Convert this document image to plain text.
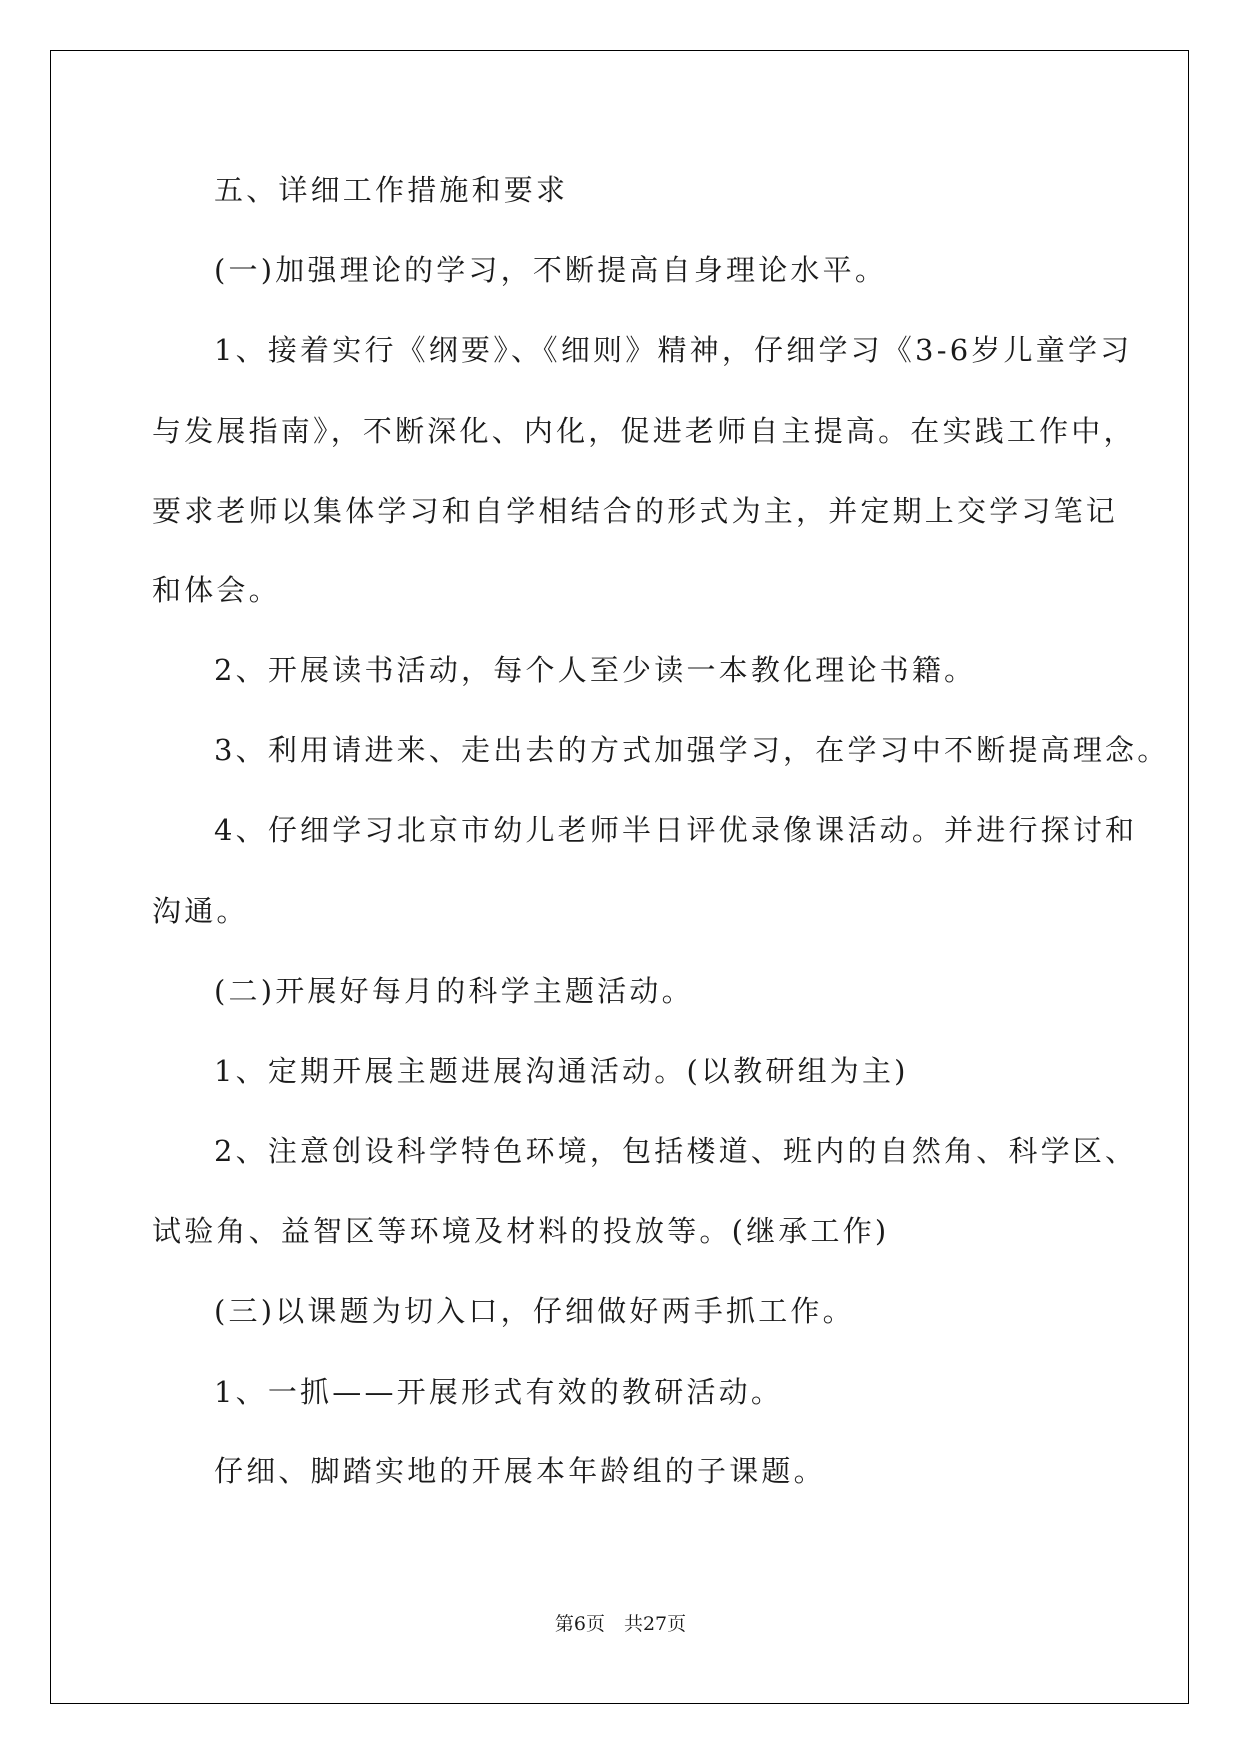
五、详细工作措施和要求
(一)加强理论的学习，不断提高自身理论水平。
1、接着实行《纲要》、《细则》精神，仔细学习《3-6岁儿童学习
与发展指南》，不断深化、内化，促进老师自主提高。在实践工作中，
要求老师以集体学习和自学相结合的形式为主，并定期上交学习笔记
和体会。
2、开展读书活动，每个人至少读一本教化理论书籍。
3、利用请进来、走出去的方式加强学习，在学习中不断提高理念。
4、仔细学习北京市幼儿老师半日评优录像课活动。并进行探讨和
沟通。
(二)开展好每月的科学主题活动。
1、定期开展主题进展沟通活动。(以教研组为主)
2、注意创设科学特色环境，包括楼道、班内的自然角、科学区、
试验角、益智区等环境及材料的投放等。(继承工作)
(三)以课题为切入口，仔细做好两手抓工作。
1、一抓——开展形式有效的教研活动。
仔细、脚踏实地的开展本年龄组的子课题。
第6页　共27页
